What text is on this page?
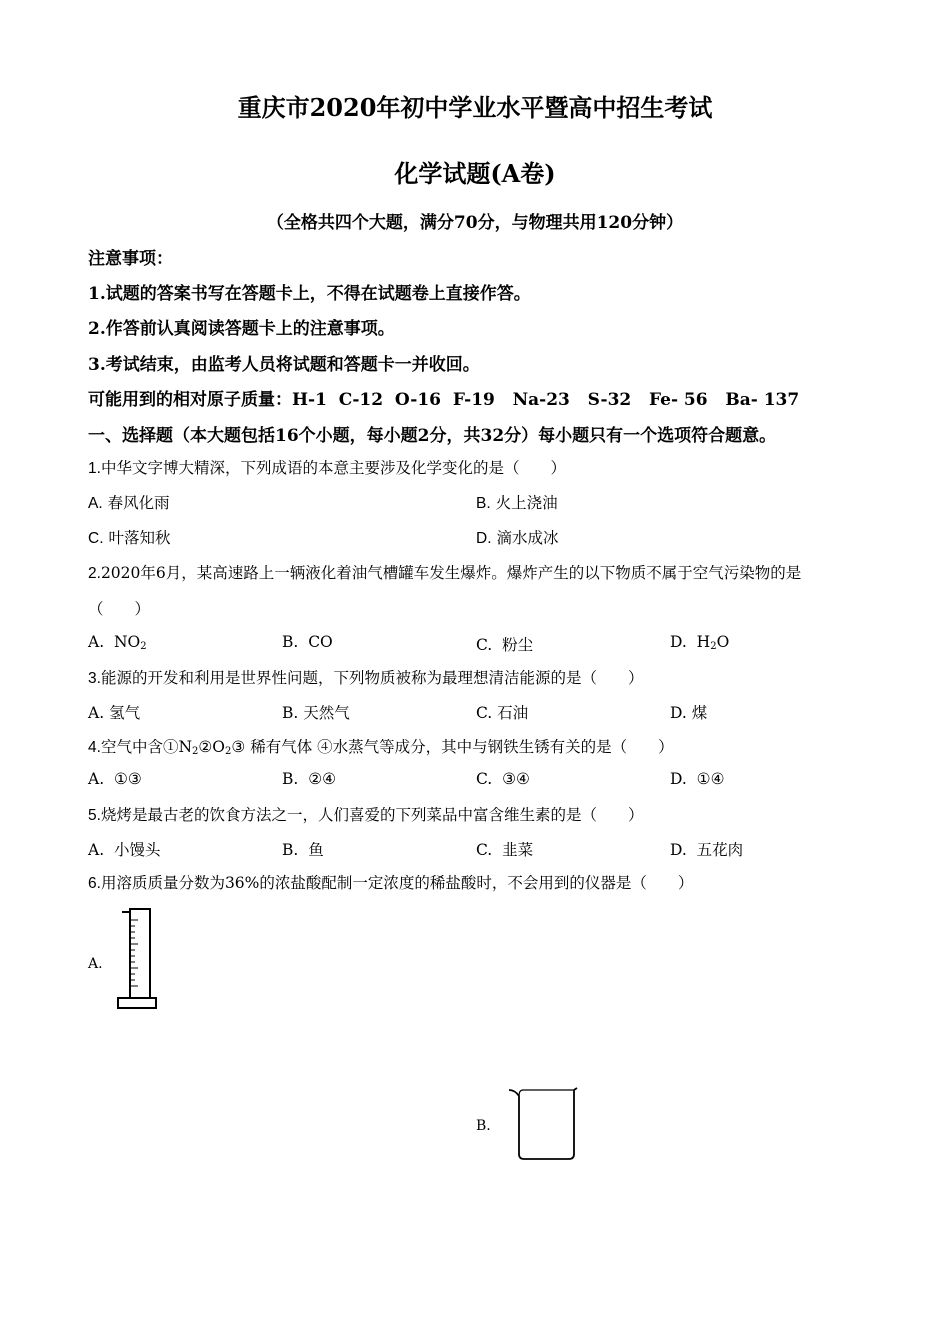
重庆市2020年初中学业水平暨高中招生考试
化学试题(A卷)
（全格共四个大题，满分70分，与物理共用120分钟）
注意事项：
1.试题的答案书写在答题卡上，不得在试题卷上直接作答。
2.作答前认真阅读答题卡上的注意事项。
3.考试结束，由监考人员将试题和答题卡一并收回。
可能用到的相对原子质量：H-1  C-12  O-16  F-19   Na-23   S-32   Fe- 56   Ba- 137
一、选择题（本大题包括16个小题，每小题2分，共32分）每小题只有一个选项符合题意。
1.中华文字博大精深，下列成语的本意主要涉及化学变化的是（　　）
A. 春风化雨	B. 火上浇油
C. 叶落知秋	D. 滴水成冰
2.2020年6月，某高速路上一辆液化着油气槽罐车发生爆炸。爆炸产生的以下物质不属于空气污染物的是
（　　）
A. $NO_2$	B. CO	C. 粉尘	D. $H_2O$
3.能源的开发和利用是世界性问题，下列物质被称为最理想清洁能源的是（　　）
A. 氢气	B. 天然气	C. 石油	D. 煤
4.空气中含$①N_2②O_2③$ 稀有气体 ④水蒸气等成分，其中与钢铁生锈有关的是（　　）
A. ①③	B. ②④	C. ③④	D. ①④
5.烧烤是最古老的饮食方法之一，人们喜爱的下列菜品中富含维生素的是（　　）
A. 小馒头	B. 鱼	C. 韭菜	D. 五花肉
6.用溶质质量分数为36%的浓盐酸配制一定浓度的稀盐酸时，不会用到的仪器是（　　）
A.
B.
